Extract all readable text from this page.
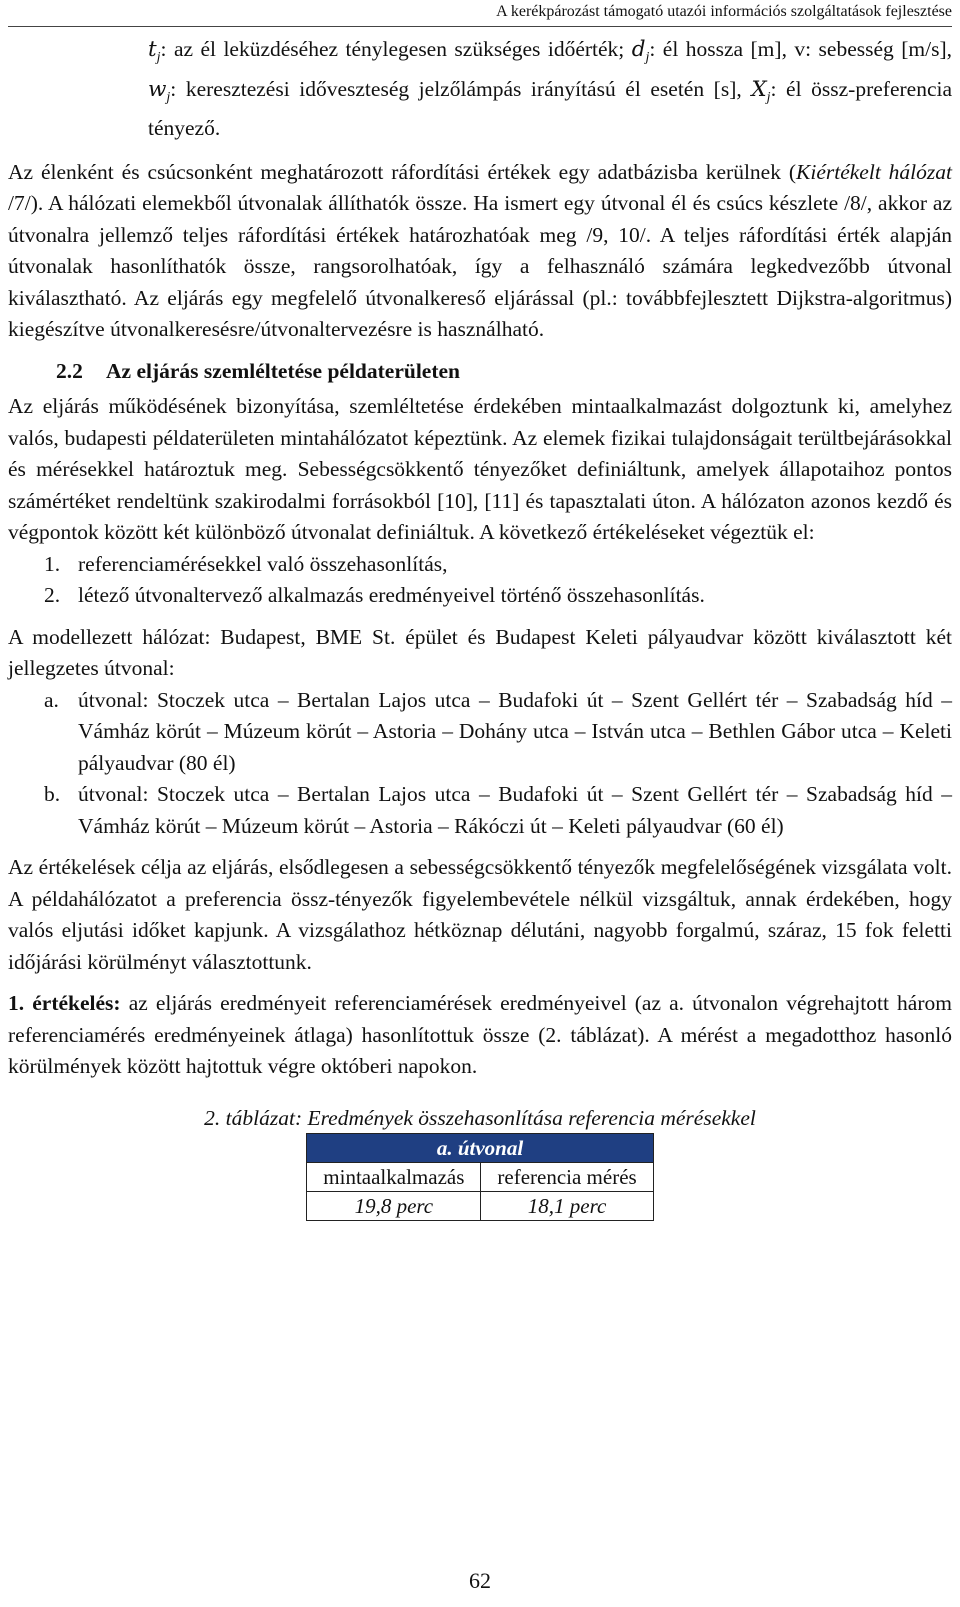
A kerékpározást támogató utazói információs szolgáltatások fejlesztése
$t_j$: az él leküzdéséhez ténylegesen szükséges időérték; $d_j$: él hossza [m], v: sebesség [m/s], $w_j$: keresztezési időveszteség jelzőlámpás irányítású él esetén [s], $X_j$: él össz-preferencia tényező.

Az élenként és csúcsonként meghatározott ráfordítási értékek egy adatbázisba kerülnek (Kiértékelt hálózat /7/). A hálózati elemekből útvonalak állíthatók össze. Ha ismert egy útvonal él és csúcs készlete /8/, akkor az útvonalra jellemző teljes ráfordítási értékek határozhatóak meg /9, 10/. A teljes ráfordítási érték alapján útvonalak hasonlíthatók össze, rangsorolhatóak, így a felhasználó számára legkedvezőbb útvonal kiválasztható. Az eljárás egy megfelelő útvonalkereső eljárással (pl.: továbbfejlesztett Dijkstra-algoritmus) kiegészítve útvonalkeresésre/útvonaltervezésre is használható.

2.2 Az eljárás szemléltetése példaterületen

Az eljárás működésének bizonyítása, szemléltetése érdekében mintaalkalmazást dolgoztunk ki, amelyhez valós, budapesti példaterületen mintahálózatot képeztünk. Az elemek fizikai tulajdonságait terültbejárásokkal és mérésekkel határoztuk meg. Sebességcsökkentő tényezőket definiáltunk, amelyek állapotaihoz pontos számértéket rendeltünk szakirodalmi forrásokból [10], [11] és tapasztalati úton. A hálózaton azonos kezdő és végpontok között két különböző útvonalat definiáltuk. A következő értékeléseket végeztük el:

1. referenciamérésekkel való összehasonlítás,
2. létező útvonaltervező alkalmazás eredményeivel történő összehasonlítás.

A modellezett hálózat: Budapest, BME St. épület és Budapest Keleti pályaudvar között kiválasztott két jellegzetes útvonal:

a. útvonal: Stoczek utca – Bertalan Lajos utca – Budafoki út – Szent Gellért tér – Szabadság híd – Vámház körút – Múzeum körút – Astoria – Dohány utca – István utca – Bethlen Gábor utca – Keleti pályaudvar (80 él)
b. útvonal: Stoczek utca – Bertalan Lajos utca – Budafoki út – Szent Gellért tér – Szabadság híd – Vámház körút – Múzeum körút – Astoria – Rákóczi út – Keleti pályaudvar (60 él)

Az értékelések célja az eljárás, elsődlegesen a sebességcsökkentő tényezők megfelelőségének vizsgálata volt. A példahálózatot a preferencia össz-tényezők figyelembevétele nélkül vizsgáltuk, annak érdekében, hogy valós eljutási időket kapjunk. A vizsgálathoz hétköznap délutáni, nagyobb forgalmú, száraz, 15 fok feletti időjárási körülményt választottunk.

1. értékelés: az eljárás eredményeit referenciamérések eredményeivel (az a. útvonalon végrehajtott három referenciamérés eredményeinek átlaga) hasonlítottuk össze (2. táblázat). A mérést a megadotthoz hasonló körülmények között hajtottuk végre októberi napokon.

2. táblázat: Eredmények összehasonlítása referencia mérésekkel
a. útvonal	
mintaalkalmazás	referencia mérés
19,8 perc	18,1 perc
62
